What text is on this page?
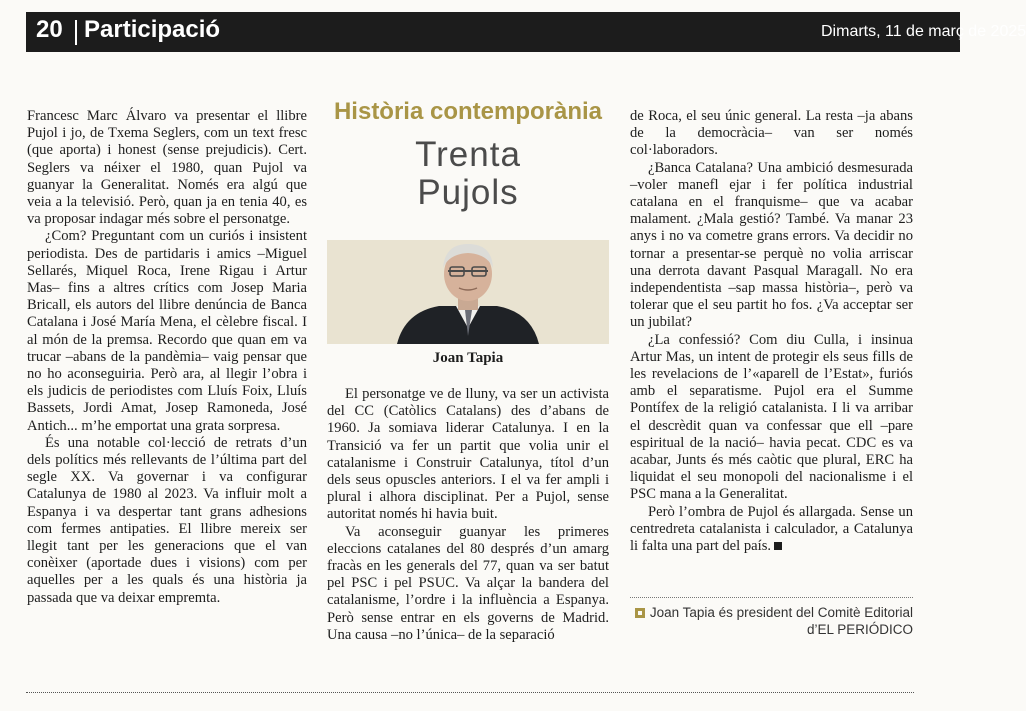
20 Participació	Dimarts, 11 de març de 2025

Francesc Marc Álvaro va presentar el llibre Pujol i jo, de Txema Seglers, com un text fresc (que aporta) i honest (sense prejudicis). Cert. Seglers va néixer el 1980, quan Pujol va guanyar la Generalitat. Només era algú que veia a la televisió. Però, quan ja en tenia 40, es va proposar indagar més sobre el personatge.

¿Com? Preguntant com un curiós i insistent periodista. Des de partidaris i amics –Miguel Sellarés, Miquel Roca, Irene Rigau i Artur Mas– fins a altres crítics com Josep Maria Bricall, els autors del llibre denúncia de Banca Catalana i José María Mena, el cèlebre fiscal. I al món de la premsa. Recordo que quan em va trucar –abans de la pandèmia– vaig pensar que no ho aconseguiria. Però ara, al llegir l’obra i els judicis de periodistes com Lluís Foix, Lluís Bassets, Jordi Amat, Josep Ramoneda, José Antich... m’he emportat una grata sorpresa.

És una notable col·lecció de retrats d’un dels polítics més rellevants de l’última part del segle XX. Va governar i va configurar Catalunya de 1980 al 2023. Va influir molt a Espanya i va despertar tant grans adhesions com fermes antipaties. El llibre mereix ser llegit tant per les generacions que el van conèixer (aportade dues i visions) com per aquelles per a les quals és una història ja passada que va deixar empremta.

Història contemporània
Trenta
Pujols
Joan Tapia

El personatge ve de lluny, va ser un activista del CC (Catòlics Catalans) des d’abans de 1960. Ja somiava liderar Catalunya. I en la Transició va fer un partit que volia unir el catalanisme i Construir Catalunya, títol d’un dels seus opuscles anteriors. I el va fer ampli i plural i alhora disciplinat. Per a Pujol, sense autoritat només hi havia buit.

Va aconseguir guanyar les primeres eleccions catalanes del 80 després d’un amarg fracàs en les generals del 77, quan va ser batut pel PSC i pel PSUC. Va alçar la bandera del catalanisme, l’ordre i la influència a Espanya. Però sense entrar en els governs de Madrid. Una causa –no l’única– de la separació

de Roca, el seu únic general. La resta –ja abans de la democràcia– van ser només col·laboradors.

¿Banca Catalana? Una ambició desmesurada –voler manefl ejar i fer política industrial catalana en el franquisme– que va acabar malament. ¿Mala gestió? També. Va manar 23 anys i no va cometre grans errors. Va decidir no tornar a presentar-se perquè no volia arriscar una derrota davant Pasqual Maragall. No era independentista –sap massa història–, però va tolerar que el seu partit ho fos. ¿Va acceptar ser un jubilat?

¿La confessió? Com diu Culla, i insinua Artur Mas, un intent de protegir els seus fills de les revelacions de l’«aparell de l’Estat», furiós amb el separatisme. Pujol era el Summe Pontífex de la religió catalanista. I li va arribar el descrèdit quan va confessar que ell –pare espiritual de la nació– havia pecat. CDC es va acabar, Junts és més caòtic que plural, ERC ha liquidat el seu monopoli del nacionalisme i el PSC mana a la Generalitat.

Però l’ombra de Pujol és allargada. Sense un centredreta catalanista i calculador, a Catalunya li falta una part del país.

Joan Tapia és president del Comitè Editorial d’EL PERIÓDICO
